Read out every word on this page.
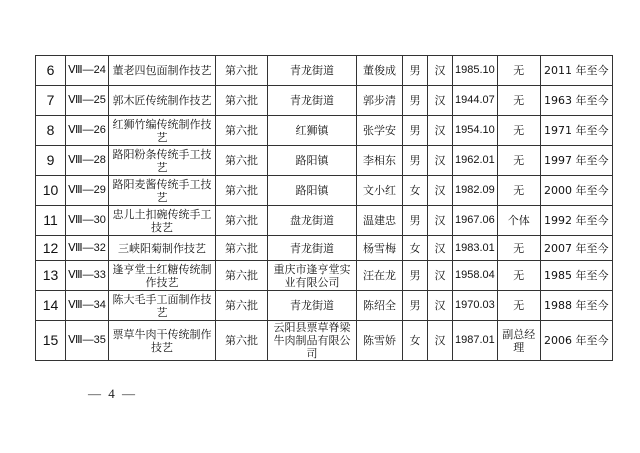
6	Ⅷ—24	董老四包面制作技艺	第六批	青龙街道	董俊成	男	汉	1985.10	无	2011 年至今
7	Ⅷ—25	郭木匠传统制作技艺	第六批	青龙街道	郭步清	男	汉	1944.07	无	1963 年至今
8	Ⅷ—26	红狮竹编传统制作技艺	第六批	红狮镇	张学安	男	汉	1954.10	无	1971 年至今
9	Ⅷ—28	路阳粉条传统手工技艺	第六批	路阳镇	李相东	男	汉	1962.01	无	1997 年至今
10	Ⅷ—29	路阳麦酱传统手工技艺	第六批	路阳镇	文小红	女	汉	1982.09	无	2000 年至今
11	Ⅷ—30	忠儿土扣碗传统手工技艺	第六批	盘龙街道	温建忠	男	汉	1967.06	个体	1992 年至今
12	Ⅷ—32	三峡阳菊制作技艺	第六批	青龙街道	杨雪梅	女	汉	1983.01	无	2007 年至今
13	Ⅷ—33	逢亨堂土红糖传统制作技艺	第六批	重庆市逢亨堂实业有限公司	汪在龙	男	汉	1958.04	无	1985 年至今
14	Ⅷ—34	陈大毛手工面制作技艺	第六批	青龙街道	陈绍全	男	汉	1970.03	无	1988 年至今
15	Ⅷ—35	票草牛肉干传统制作技艺	第六批	云阳县票草脊梁牛肉制品有限公司	陈雪娇	女	汉	1987.01	副总经理	2006 年至今
— 4 —
